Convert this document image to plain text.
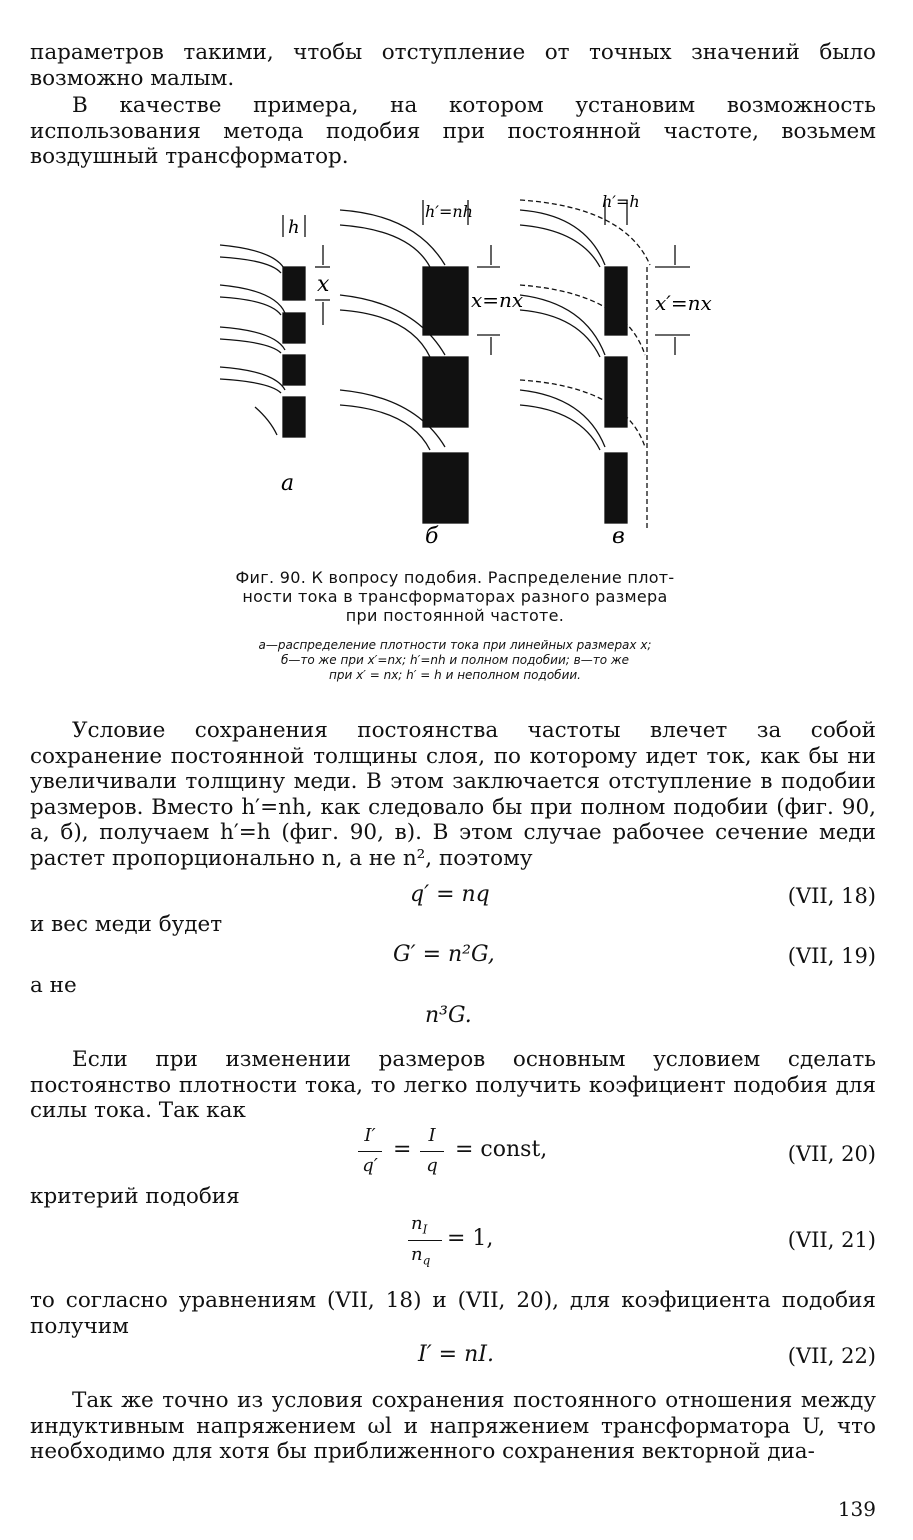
параметров такими, чтобы отступление от точных значений было возможно малым.
В качестве примера, на котором установим возможность использования метода подобия при постоянной частоте, возьмем воздушный трансформатор.
h
x
а
h′=nh
x=nx
б
h′=h
x′=nx
в
Фиг. 90. К вопросу подобия. Распределение плот-
ности тока в трансформаторах разного размера
при постоянной частоте.
а—распределение плотности тока при линейных размерах x;
б—то же при x′=nx; h′=nh и полном подобии; в—то же
при x′ = nx; h′ = h и неполном подобии.
Условие сохранения постоянства частоты влечет за собой сохранение постоянной толщины слоя, по которому идет ток, как бы ни увеличивали толщину меди. В этом заключается отступление в подобии размеров. Вместо h′=nh, как следовало бы при полном подобии (фиг. 90, а, б), получаем h′=h (фиг. 90, в). В этом случае рабочее сечение меди растет пропорционально n, а не n², поэтому
q′ = nq	(VII, 18)
и вес меди будет
G′ = n²G,	(VII, 19)
а не
n³G.
Если при изменении размеров основным условием сделать постоянство плотности тока, то легко получить коэфициент подобия для силы тока. Так как
I′
q′
=
I
q
= const,	(VII, 20)
критерий подобия
$n_I$
$n_q$
= 1,	(VII, 21)
то согласно уравнениям (VII, 18) и (VII, 20), для коэфициента подобия получим
I′ = nI.	(VII, 22)
Так же точно из условия сохранения постоянного отношения между индуктивным напряжением ωl и напряжением трансформатора U, что необходимо для хотя бы приближенного сохранения векторной диа-
139
